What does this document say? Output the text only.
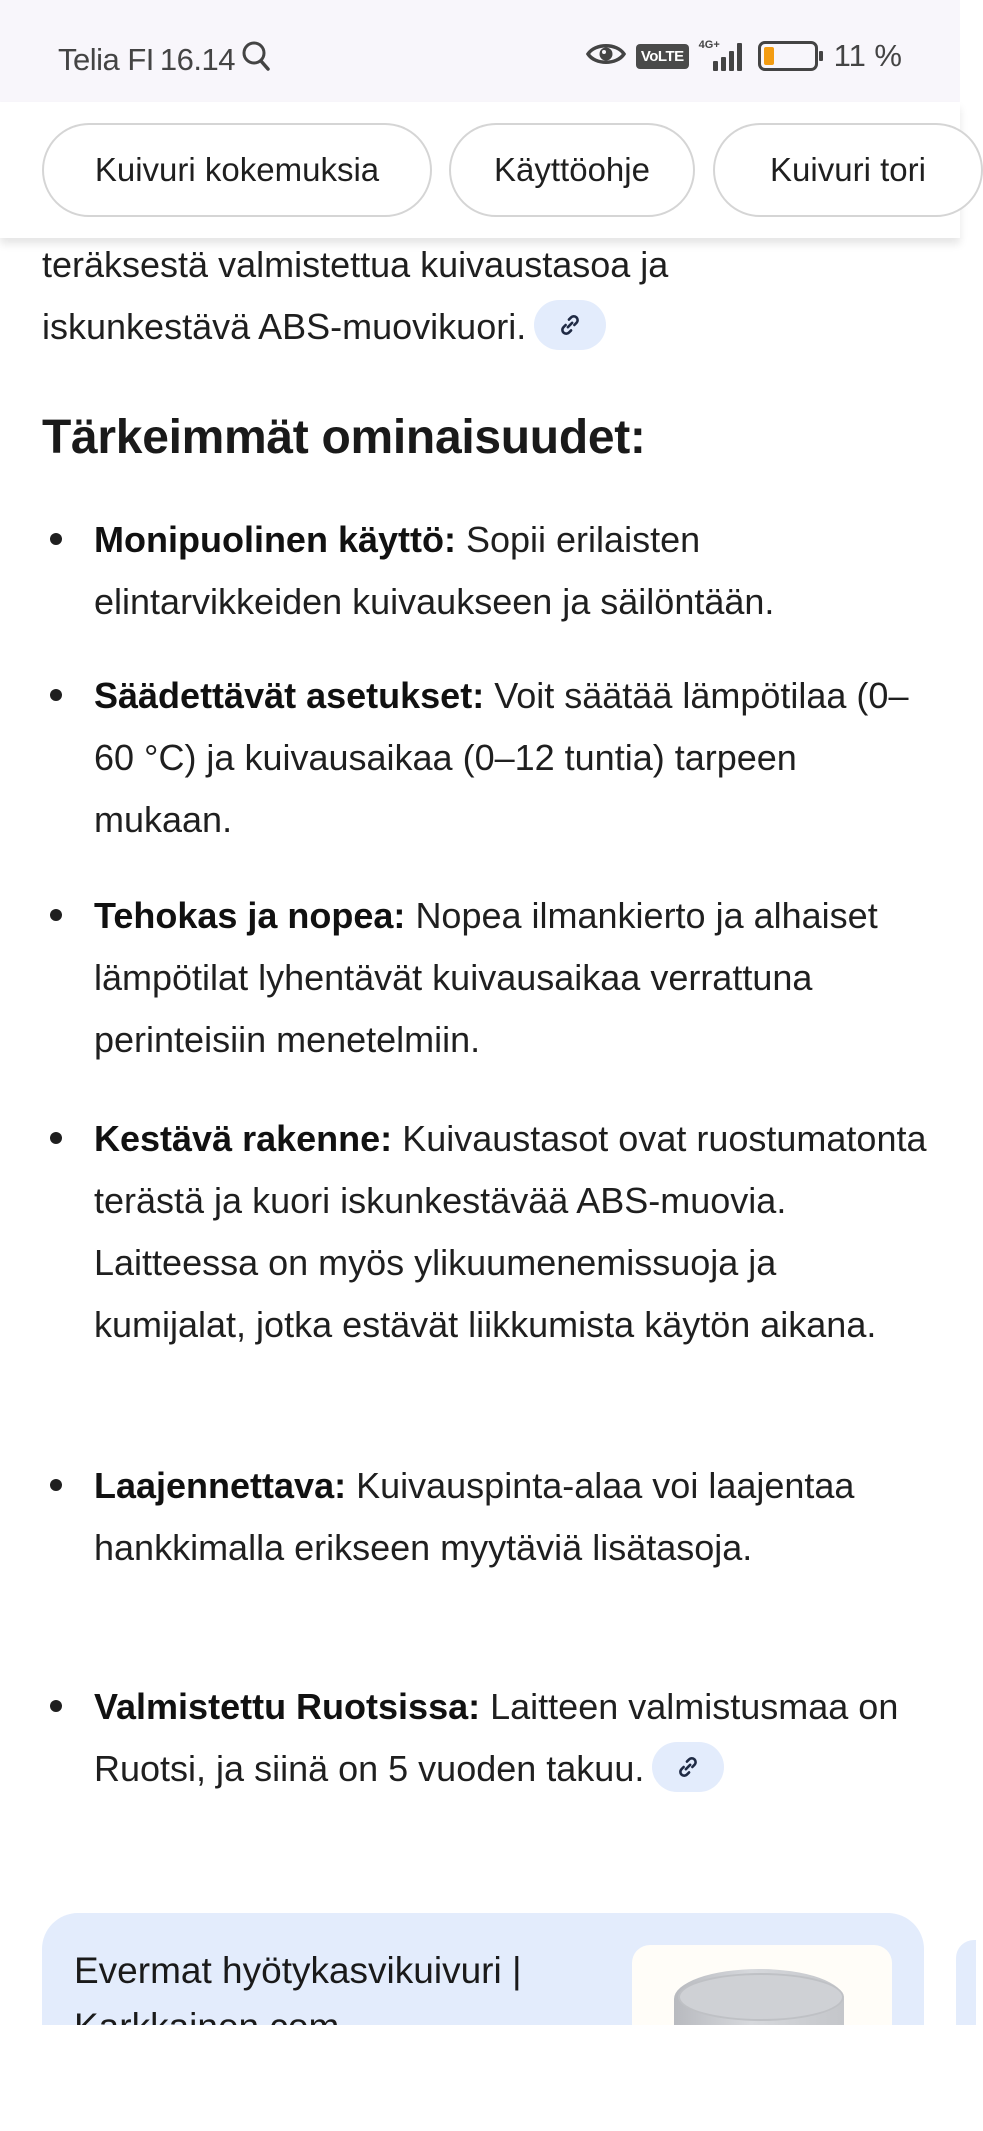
Telia FI 16.14	VoLTE
4G+	11 %
Kuivuri kokemuksia	Käyttöohje	Kuivuri tori
teräksestä valmistettua kuivaustasoa ja
iskunkestävä ABS-muovikuori.
Tärkeimmät ominaisuudet:
Monipuolinen käyttö: Sopii erilaisten elintarvikkeiden kuivaukseen ja säilöntään.
Säädettävät asetukset: Voit säätää lämpötilaa (0–60 °C) ja kuivausaikaa (0–12 tuntia) tarpeen mukaan.
Tehokas ja nopea: Nopea ilmankierto ja alhaiset lämpötilat lyhentävät kuivausaikaa verrattuna perinteisiin menetelmiin.
Kestävä rakenne: Kuivaustasot ovat ruostumatonta terästä ja kuori iskunkestävää ABS-muovia. Laitteessa on myös ylikuumenemissuoja ja kumijalat, jotka estävät liikkumista käytön aikana.
Laajennettava: Kuivauspinta-alaa voi laajentaa hankkimalla erikseen myytäviä lisätasoja.
Valmistettu Ruotsissa: Laitteen valmistusmaa on Ruotsi, ja siinä on 5 vuoden takuu.
Evermat hyötykasvikuivuri |
